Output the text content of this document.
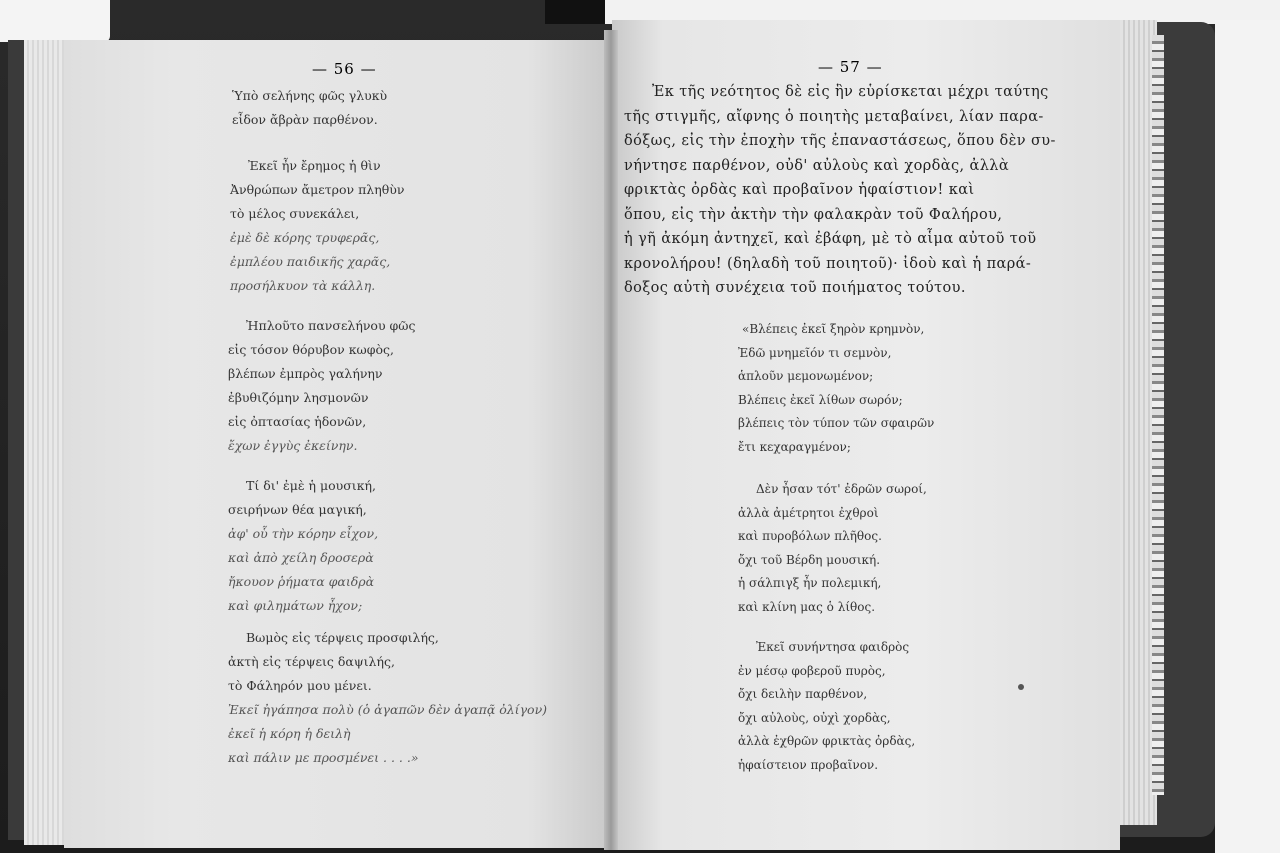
— 56 —	— 57 —
Ὑπὸ σελήνης φῶς γλυκὺ
εἶδον ἄβρὰν παρθένον.
Ἐκεῖ ἦν ἔρημος ἡ θὶν
Ἀνθρώπων ἄμετρον πληθὺν
τὸ μέλος συνεκάλει,
ἐμὲ δὲ κόρης τρυφερᾶς,
ἐμπλέου παιδικῆς χαρᾶς,
προσήλκυον τὰ κάλλη.
Ἠπλοῦτο πανσελήνου φῶς
εἰς τόσον θόρυβον κωφὸς,
βλέπων ἐμπρὸς γαλήνην
ἐβυθιζόμην λησμονῶν
εἰς ὀπτασίας ἡδονῶν,
ἔχων ἐγγὺς ἐκείνην.
Τί δι' ἐμὲ ἡ μουσική,
σειρήνων θέα μαγική,
ἀφ' οὗ τὴν κόρην εἶχον,
καὶ ἀπὸ χείλη δροσερὰ
ἤκουον ῥήματα φαιδρὰ
καὶ φιλημάτων ἦχον;
Βωμὸς εἰς τέρψεις προσφιλής,
ἀκτὴ εἰς τέρψεις δαψιλής,
τὸ Φάληρόν μου μένει.
Ἐκεῖ ἠγάπησα πολὺ (ὁ ἀγαπῶν δὲν ἀγαπᾷ ὀλίγον)
ἐκεῖ ἡ κόρη ἡ δειλὴ
καὶ πάλιν με προσμένει . . . .»
Ἐκ τῆς νεότητος δὲ εἰς ἣν εὑρίσκεται μέχρι ταύτης
τῆς στιγμῆς, αἴφνης ὁ ποιητὴς μεταβαίνει, λίαν παρα-
δόξως, εἰς τὴν ἐποχὴν τῆς ἐπαναστάσεως, ὅπου δὲν συ-
νήντησε παρθένον, οὐδ' αὐλοὺς καὶ χορδὰς, ἀλλὰ
φρικτὰς ὀρδὰς καὶ προβαῖνον ἡφαίστιον! καὶ
ὅπου, εἰς τὴν ἀκτὴν τὴν φαλακρὰν τοῦ Φαλήρου,
ἡ γῆ ἀκόμη ἀντηχεῖ, καὶ ἐβάφη, μὲ τὸ αἷμα αὐτοῦ τοῦ
κρονολήρου! (δηλαδὴ τοῦ ποιητοῦ)· ἰδοὺ καὶ ἡ παρά-
δοξος αὐτὴ συνέχεια τοῦ ποιήματος τούτου.
«Βλέπεις ἐκεῖ ξηρὸν κρημνὸν,
Ἐδῶ μνημεῖόν τι σεμνὸν,
ἁπλοῦν μεμονωμένον;
Βλέπεις ἐκεῖ λίθων σωρόν;
βλέπεις τὸν τύπον τῶν σφαιρῶν
ἔτι κεχαραγμένον;
Δὲν ἦσαν τότ' ἐδρῶν σωροί,
ἀλλὰ ἀμέτρητοι ἐχθροὶ
καὶ πυροβόλων πλῆθος.
ὄχι τοῦ Βέρδη μουσική.
ἡ σάλπιγξ ἦν πολεμική,
καὶ κλίνη μας ὁ λίθος.
Ἐκεῖ συνήντησα φαιδρὸς
ἐν μέσῳ φοβεροῦ πυρὸς,
ὄχι δειλὴν παρθένον,
ὄχι αὐλοὺς, οὐχὶ χορδὰς,
ἀλλὰ ἐχθρῶν φρικτὰς ὀρδὰς,
ἡφαίστειον προβαῖνον.
